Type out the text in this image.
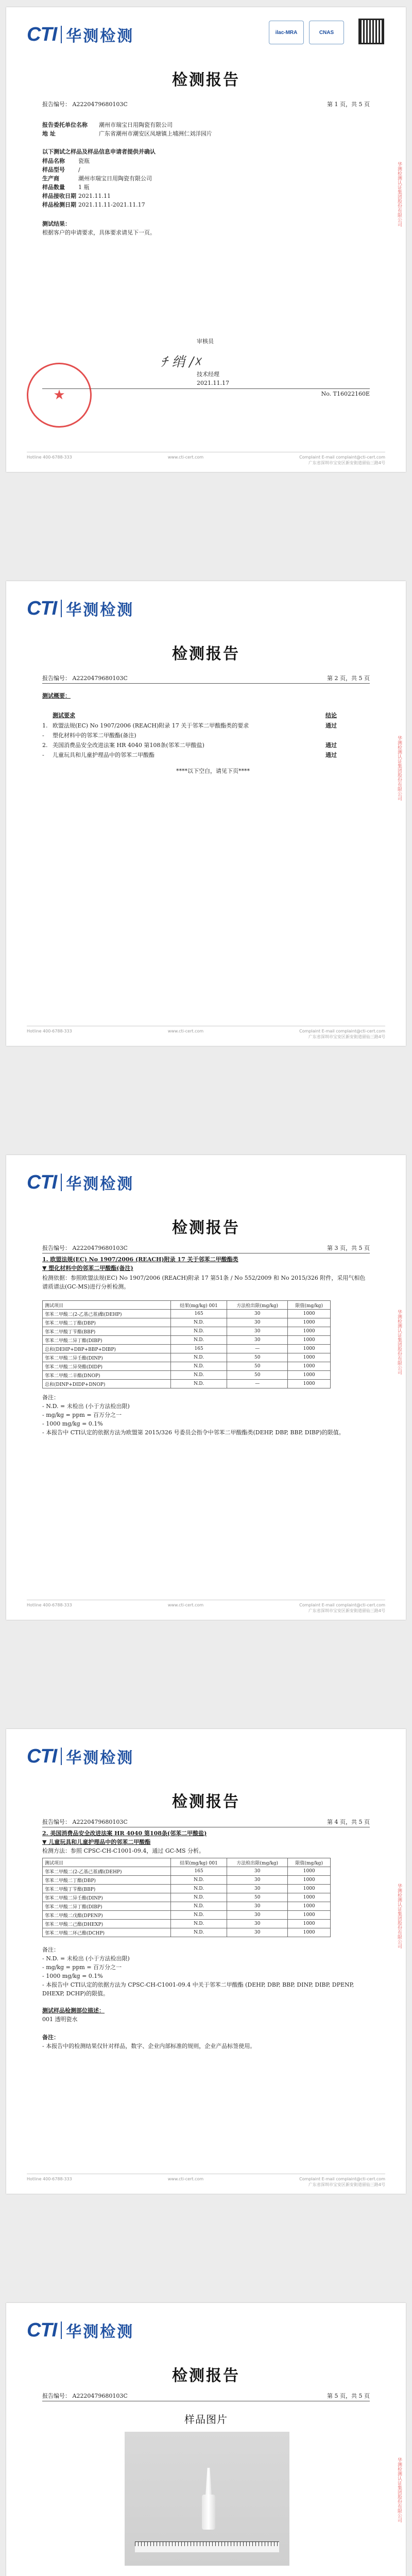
CTI 华测检测	ilac-MRA	CNAS
检测报告
报告编号： A2220479680103C	第 1 页，共 5 页
报告委托单位名称	潮州市瑞宝日用陶瓷有限公司
地 址	广东省潮州市潮安区凤塘镇上埔洲仁刘洋园片
以下测试之样品及样品信息申请者提供并确认
样品名称	瓷瓶
样品型号	/
生产商	潮州市瑞宝日用陶瓷有限公司
样品数量	1 瓶
样品接收日期 2021.11.11
样品检测日期 2021.11.11-2021.11.17
测试结果：
根据客户的申请要求，具体要求请见下一页。
审核员
ﾁ 绡 /☓
技术经理
2021.11.17
No. T16022160E
★
华测检测认证集团股份有限公司
Hotline 400-6788-333	www.cti-cert.com	Complaint E-mail complaint@cti-cert.com
广东省深圳市宝安区新安街道留仙三路4号
CTI 华测检测
检测报告
报告编号： A2220479680103C	第 2 页，共 5 页
测试概要：
测试要求	结论
1. 欧盟法规(EC) No 1907/2006 (REACH)附录 17 关于邻苯二甲酸酯类的要求	通过
- 塑化材料中的邻苯二甲酸酯(备注)
2. 美国消费品安全改进法案 HR 4040 第108条(邻苯二甲酸盐)	通过
- 儿童玩具和儿童护理品中的邻苯二甲酸酯	通过
****以下空白，请见下页****	华测检测认证集团股份有限公司
Hotline 400-6788-333	www.cti-cert.com	Complaint E-mail complaint@cti-cert.com
广东省深圳市宝安区新安街道留仙三路4号
CTI 华测检测
检测报告
报告编号： A2220479680103C	第 3 页，共 5 页
1. 欧盟法规(EC) No 1907/2006 (REACH)附录 17 关于邻苯二甲酸酯类
▼ 塑化材料中的邻苯二甲酸酯(备注)
检测依据：参照欧盟法规(EC) No 1907/2006 (REACH)附录 17 第51条 / No 552/2009 和 No 2015/326 附件，采用气相色谱质谱法(GC-MS)进行分析检测。
测试项目	结果(mg/kg) 001	方法检出限(mg/kg)	限值(mg/kg)
邻苯二甲酸二(2-乙基己基)酯(DEHP)	165	30	1000
邻苯二甲酸二丁酯(DBP)	N.D.	30	1000
邻苯二甲酸丁苄酯(BBP)	N.D.	30	1000
邻苯二甲酸二异丁酯(DIBP)	N.D.	30	1000
总和(DEHP+DBP+BBP+DIBP)	165	—	1000
邻苯二甲酸二异壬酯(DINP)	N.D.	50	1000
邻苯二甲酸二异癸酯(DIDP)	N.D.	50	1000
邻苯二甲酸二辛酯(DNOP)	N.D.	50	1000
总和(DINP+DIDP+DNOP)	N.D.	—	1000
备注：
- N.D. = 未检出 (小于方法检出限)
- mg/kg = ppm = 百万分之一
- 1000 mg/kg = 0.1%
- 本报告中 CTI认定的依据方法为欧盟第 2015/326 号委员会指令中邻苯二甲酸酯类(DEHP, DBP, BBP, DIBP)的限值。
华测检测认证集团股份有限公司
Hotline 400-6788-333	www.cti-cert.com	Complaint E-mail complaint@cti-cert.com
广东省深圳市宝安区新安街道留仙三路4号
CTI 华测检测
检测报告
报告编号： A2220479680103C	第 4 页，共 5 页
2. 美国消费品安全改进法案 HR 4040 第108条(邻苯二甲酸盐)
▼ 儿童玩具和儿童护理品中的邻苯二甲酸酯
检测方法：参照 CPSC-CH-C1001-09.4，通过 GC-MS 分析。
测试项目	结果(mg/kg) 001	方法检出限(mg/kg)	限值(mg/kg)
邻苯二甲酸二(2-乙基己基)酯(DEHP)	165	30	1000
邻苯二甲酸二丁酯(DBP)	N.D.	30	1000
邻苯二甲酸丁苄酯(BBP)	N.D.	30	1000
邻苯二甲酸二异壬酯(DINP)	N.D.	50	1000
邻苯二甲酸二异丁酯(DIBP)	N.D.	30	1000
邻苯二甲酸二戊酯(DPENP)	N.D.	30	1000
邻苯二甲酸二己酯(DHEXP)	N.D.	30	1000
邻苯二甲酸二环己酯(DCHP)	N.D.	30	1000
备注：
- N.D. = 未检出 (小于方法检出限)
- mg/kg = ppm = 百万分之一
- 1000 mg/kg = 0.1%
- 本报告中 CTI认定的依据方法为 CPSC-CH-C1001-09.4 中关于邻苯二甲酸酯 (DEHP, DBP, BBP, DINP, DIBP, DPENP, DHEXP, DCHP)的限值。
测试样品检测部位描述：
001 透明瓷水
备注：
- 本报告中的检测结果仅针对样品，数字、企业内部标准的规则，企业产品标签使用。
华测检测认证集团股份有限公司
Hotline 400-6788-333	www.cti-cert.com	Complaint E-mail complaint@cti-cert.com
广东省深圳市宝安区新安街道留仙三路4号
CTI 华测检测
检测报告
报告编号： A2220479680103C	第 5 页，共 5 页
样品图片
华测检测认证集团股份有限公司
